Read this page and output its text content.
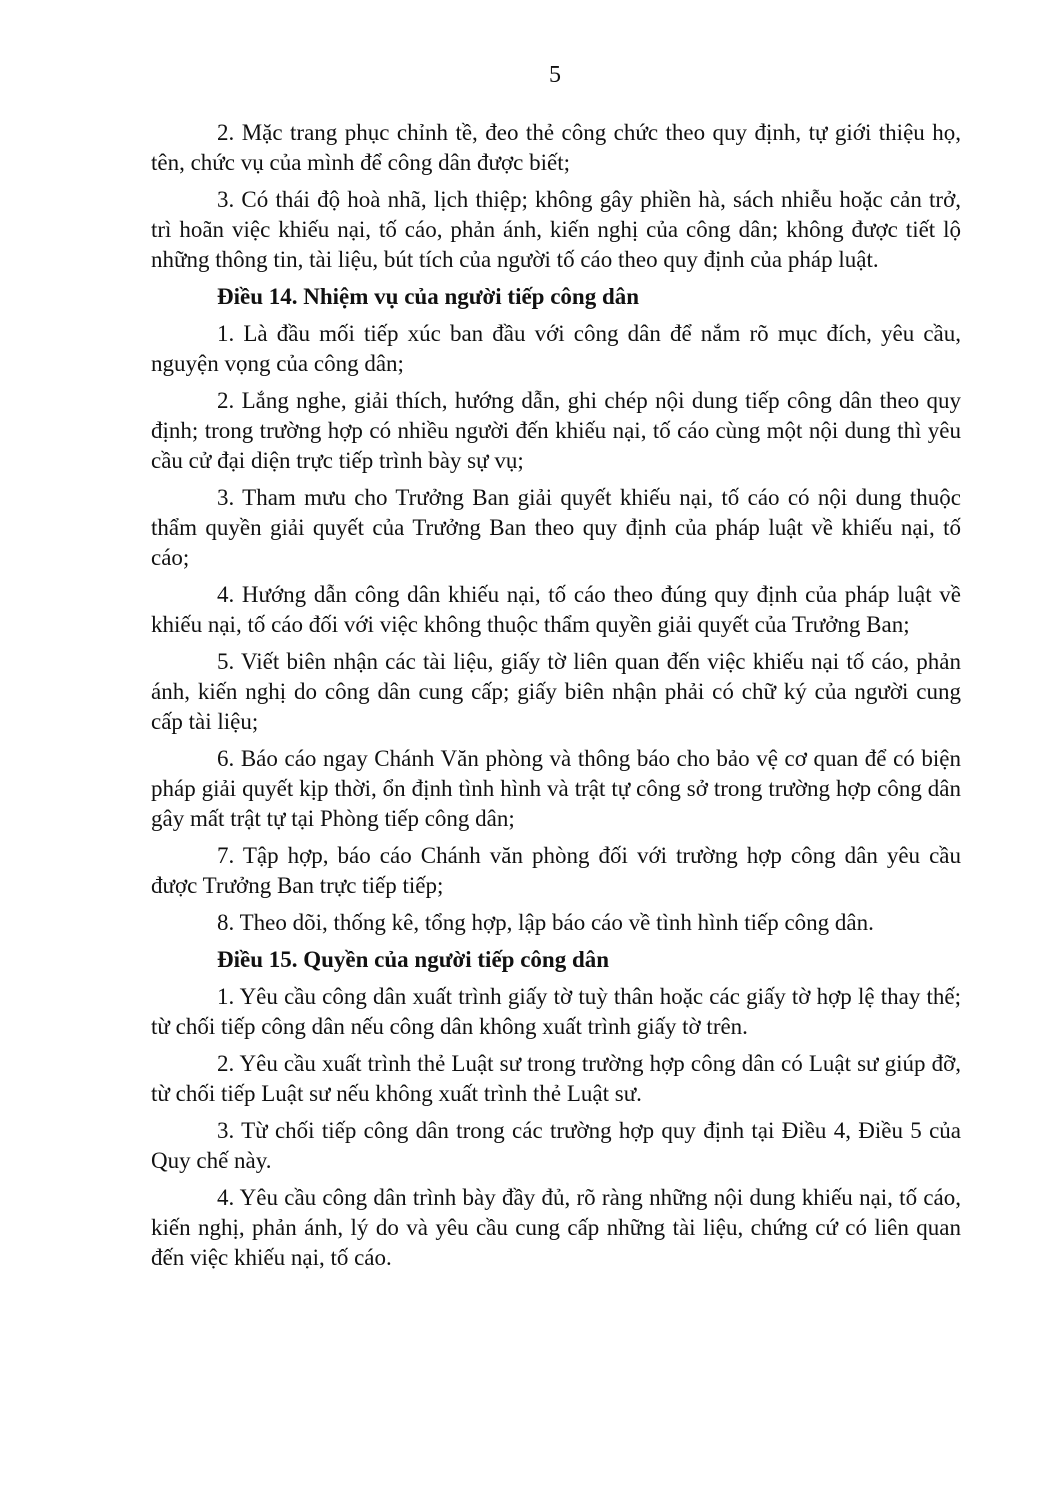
5

2. Mặc trang phục chỉnh tề, đeo thẻ công chức theo quy định, tự giới thiệu họ, tên, chức vụ của mình để công dân được biết;

3. Có thái độ hoà nhã, lịch thiệp; không gây phiền hà, sách nhiễu hoặc cản trở, trì hoãn việc khiếu nại, tố cáo, phản ánh, kiến nghị của công dân; không được tiết lộ những thông tin, tài liệu, bút tích của người tố cáo theo quy định của pháp luật.

Điều 14. Nhiệm vụ của người tiếp công dân

1. Là đầu mối tiếp xúc ban đầu với công dân để nắm rõ mục đích, yêu cầu, nguyện vọng của công dân;

2. Lắng nghe, giải thích, hướng dẫn, ghi chép nội dung tiếp công dân theo quy định; trong trường hợp có nhiều người đến khiếu nại, tố cáo cùng một nội dung thì yêu cầu cử đại diện trực tiếp trình bày sự vụ;

3. Tham mưu cho Trưởng Ban giải quyết khiếu nại, tố cáo có nội dung thuộc thẩm quyền giải quyết của Trưởng Ban theo quy định của pháp luật về khiếu nại, tố cáo;

4. Hướng dẫn công dân khiếu nại, tố cáo theo đúng quy định của pháp luật về khiếu nại, tố cáo đối với việc không thuộc thẩm quyền giải quyết của Trưởng Ban;

5. Viết biên nhận các tài liệu, giấy tờ liên quan đến việc khiếu nại tố cáo, phản ánh, kiến nghị do công dân cung cấp; giấy biên nhận phải có chữ ký của người cung cấp tài liệu;

6. Báo cáo ngay Chánh Văn phòng và thông báo cho bảo vệ cơ quan để có biện pháp giải quyết kịp thời, ổn định tình hình và trật tự công sở trong trường hợp công dân gây mất trật tự tại Phòng tiếp công dân;

7. Tập hợp, báo cáo Chánh văn phòng đối với trường hợp công dân yêu cầu được Trưởng Ban trực tiếp tiếp;

8. Theo dõi, thống kê, tổng hợp, lập báo cáo về tình hình tiếp công dân.

Điều 15. Quyền của người tiếp công dân

1. Yêu cầu công dân xuất trình giấy tờ tuỳ thân hoặc các giấy tờ hợp lệ thay thế; từ chối tiếp công dân nếu công dân không xuất trình giấy tờ trên.

2. Yêu cầu xuất trình thẻ Luật sư trong trường hợp công dân có Luật sư giúp đỡ, từ chối tiếp Luật sư nếu không xuất trình thẻ Luật sư.

3. Từ chối tiếp công dân trong các trường hợp quy định tại Điều 4, Điều 5 của Quy chế này.

4. Yêu cầu công dân trình bày đầy đủ, rõ ràng những nội dung khiếu nại, tố cáo, kiến nghị, phản ánh, lý do và yêu cầu cung cấp những tài liệu, chứng cứ có liên quan đến việc khiếu nại, tố cáo.
